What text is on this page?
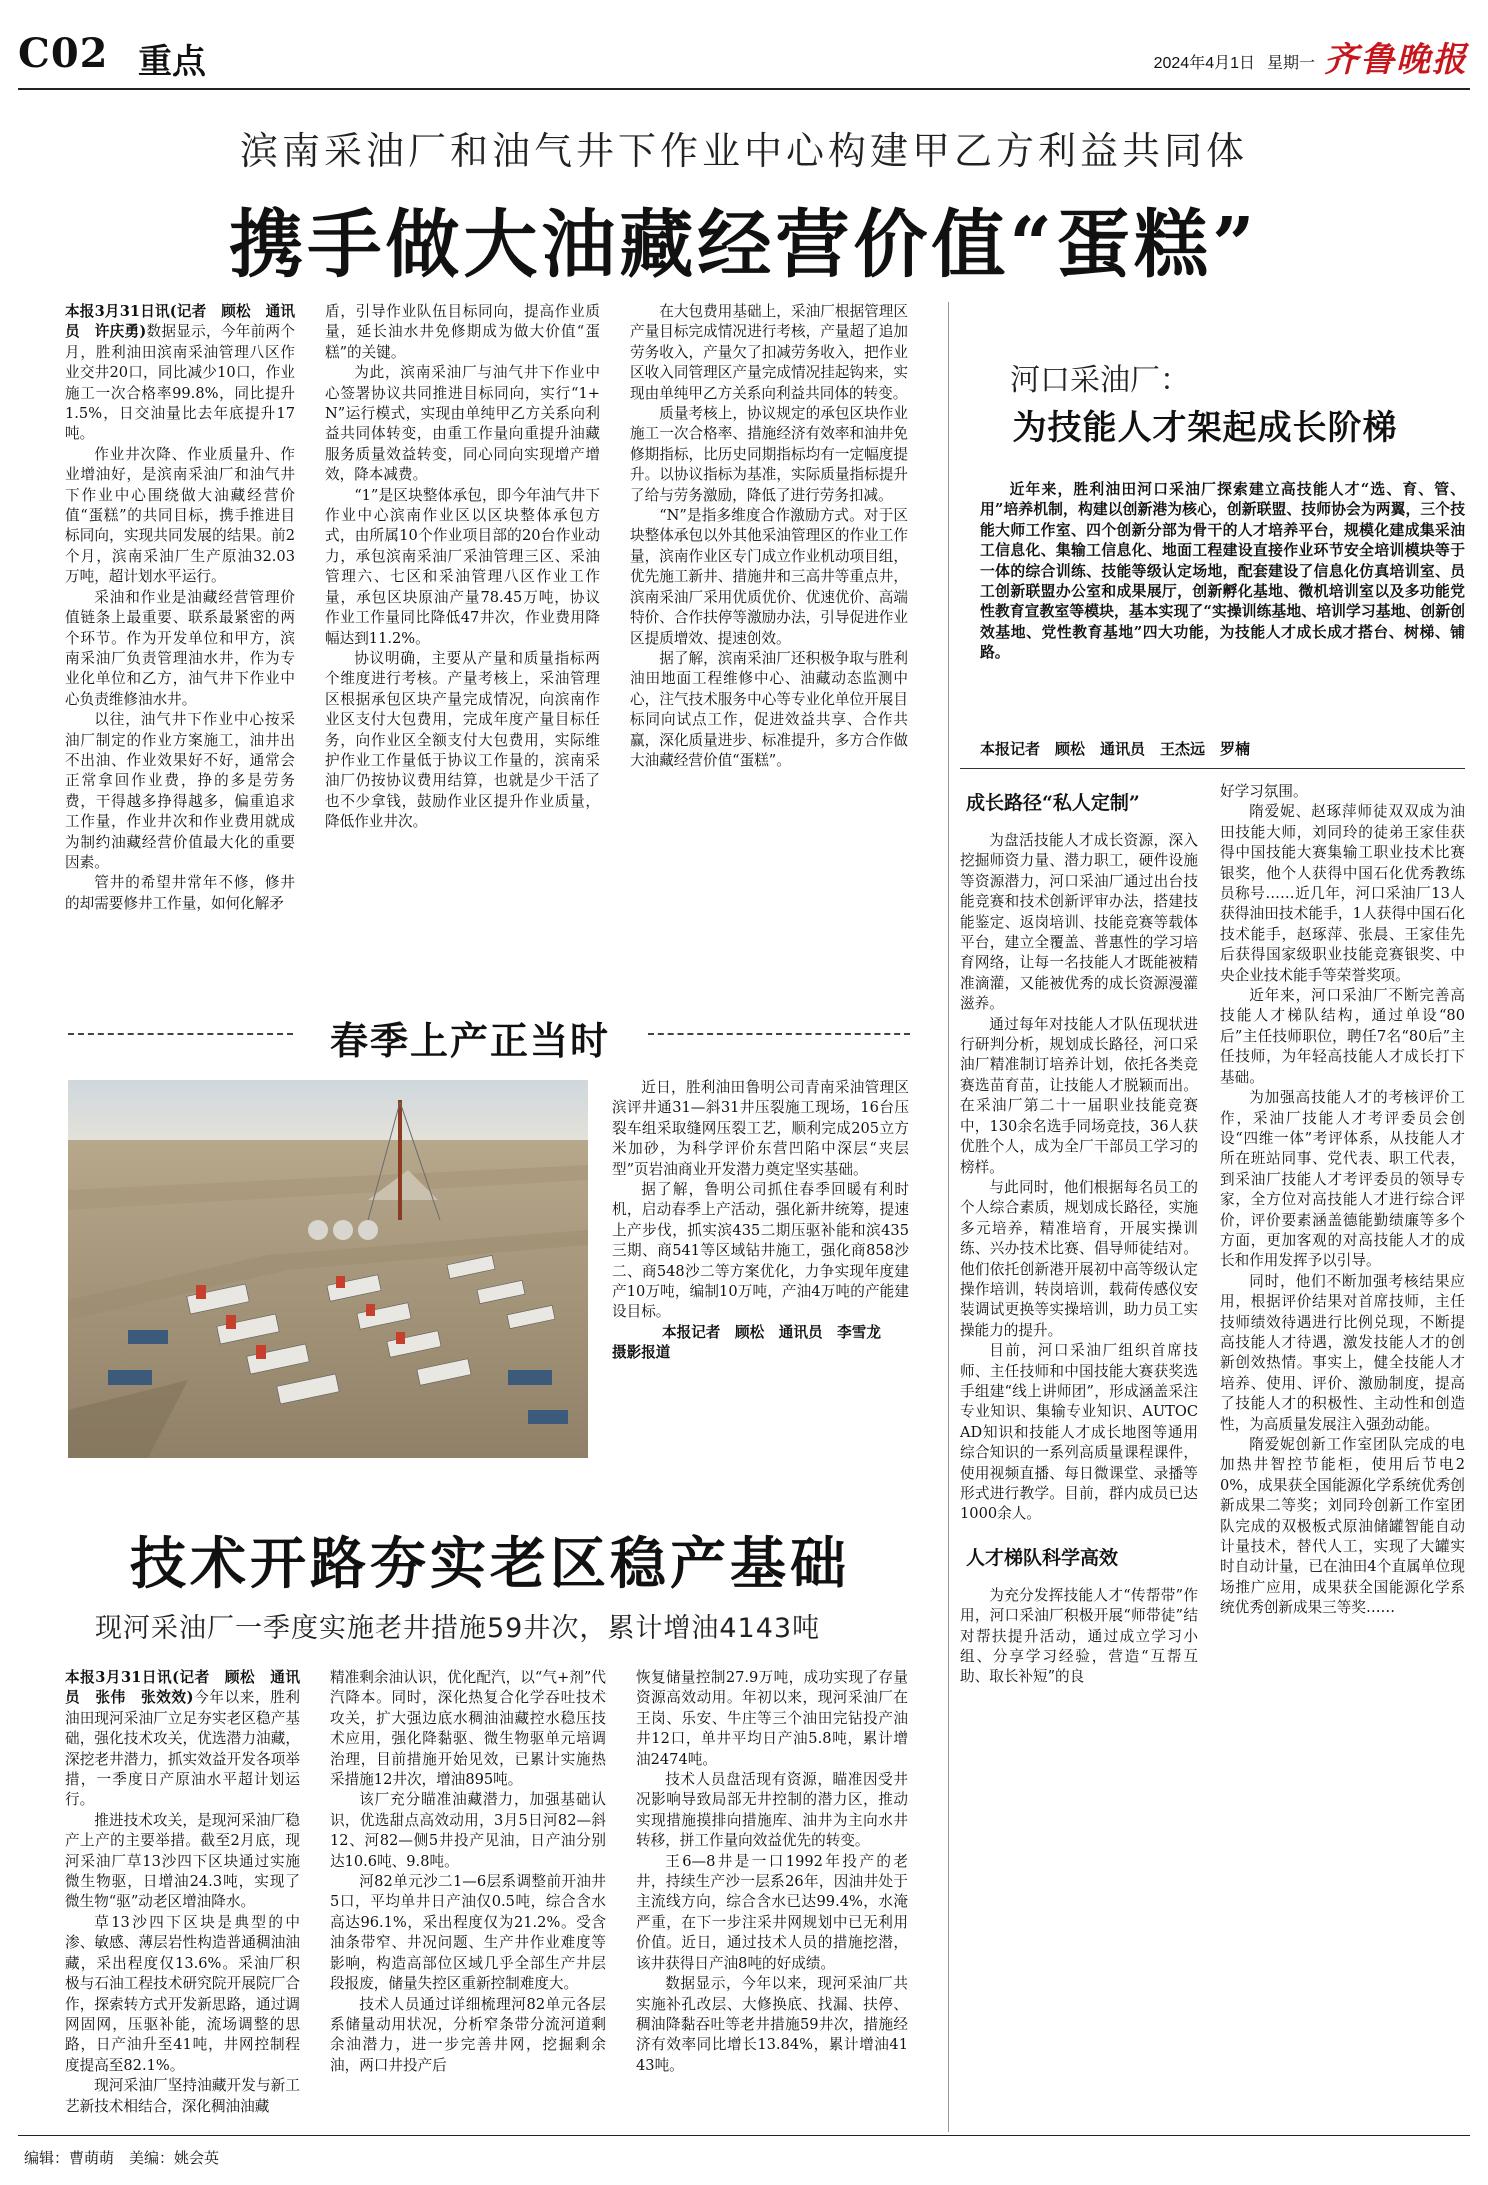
C02 重点	2024年4月1日 星期一 齐鲁晚报
滨南采油厂和油气井下作业中心构建甲乙方利益共同体
携手做大油藏经营价值“蛋糕”

本报3月31日讯(记者　顾松　通讯员　许庆勇)数据显示，今年前两个月，胜利油田滨南采油管理八区作业交井20口，同比减少10口，作业施工一次合格率99.8%，同比提升1.5%，日交油量比去年底提升17吨。

作业井次降、作业质量升、作业增油好，是滨南采油厂和油气井下作业中心围绕做大油藏经营价值“蛋糕”的共同目标，携手推进目标同向，实现共同发展的结果。前2个月，滨南采油厂生产原油32.03万吨，超计划水平运行。

采油和作业是油藏经营管理价值链条上最重要、联系最紧密的两个环节。作为开发单位和甲方，滨南采油厂负责管理油水井，作为专业化单位和乙方，油气井下作业中心负责维修油水井。

以往，油气井下作业中心按采油厂制定的作业方案施工，油井出不出油、作业效果好不好，通常会正常拿回作业费，挣的多是劳务费，干得越多挣得越多，偏重追求工作量，作业井次和作业费用就成为制约油藏经营价值最大化的重要因素。

管井的希望井常年不修，修井的却需要修井工作量，如何化解矛

盾，引导作业队伍目标同向，提高作业质量，延长油水井免修期成为做大价值“蛋糕”的关键。

为此，滨南采油厂与油气井下作业中心签署协议共同推进目标同向，实行“1+N”运行模式，实现由单纯甲乙方关系向利益共同体转变，由重工作量向重提升油藏服务质量效益转变，同心同向实现增产增效，降本减费。

“1”是区块整体承包，即今年油气井下作业中心滨南作业区以区块整体承包方式，由所属10个作业项目部的20台作业动力，承包滨南采油厂采油管理三区、采油管理六、七区和采油管理八区作业工作量，承包区块原油产量78.45万吨，协议作业工作量同比降低47井次，作业费用降幅达到11.2%。

协议明确，主要从产量和质量指标两个维度进行考核。产量考核上，采油管理区根据承包区块产量完成情况，向滨南作业区支付大包费用，完成年度产量目标任务，向作业区全额支付大包费用，实际维护作业工作量低于协议工作量的，滨南采油厂仍按协议费用结算，也就是少干活了也不少拿钱，鼓励作业区提升作业质量，降低作业井次。

在大包费用基础上，采油厂根据管理区产量目标完成情况进行考核，产量超了追加劳务收入，产量欠了扣减劳务收入，把作业区收入同管理区产量完成情况挂起钩来，实现由单纯甲乙方关系向利益共同体的转变。

质量考核上，协议规定的承包区块作业施工一次合格率、措施经济有效率和油井免修期指标，比历史同期指标均有一定幅度提升。以协议指标为基准，实际质量指标提升了给与劳务激励，降低了进行劳务扣减。

“N”是指多维度合作激励方式。对于区块整体承包以外其他采油管理区的作业工作量，滨南作业区专门成立作业机动项目组，优先施工新井、措施井和三高井等重点井，滨南采油厂采用优质优价、优速优价、高端特价、合作扶停等激励办法，引导促进作业区提质增效、提速创效。

据了解，滨南采油厂还积极争取与胜利油田地面工程维修中心、油藏动态监测中心，注气技术服务中心等专业化单位开展目标同向试点工作，促进效益共享、合作共赢，深化质量进步、标准提升，多方合作做大油藏经营价值“蛋糕”。

河口采油厂：
为技能人才架起成长阶梯

近年来，胜利油田河口采油厂探索建立高技能人才“选、育、管、用”培养机制，构建以创新港为核心，创新联盟、技师协会为两翼，三个技能大师工作室、四个创新分部为骨干的人才培养平台，规模化建成集采油工信息化、集输工信息化、地面工程建设直接作业环节安全培训模块等于一体的综合训练、技能等级认定场地，配套建设了信息化仿真培训室、员工创新联盟办公室和成果展厅，创新孵化基地、微机培训室以及多功能党性教育宣教室等模块，基本实现了“实操训练基地、培训学习基地、创新创效基地、党性教育基地”四大功能，为技能人才成长成才搭台、树梯、铺路。

本报记者　顾松　通讯员　王杰远　罗楠
成长路径“私人定制”

为盘活技能人才成长资源，深入挖掘师资力量、潜力职工，硬件设施等资源潜力，河口采油厂通过出台技能竞赛和技术创新评审办法，搭建技能鉴定、返岗培训、技能竞赛等载体平台，建立全覆盖、普惠性的学习培育网络，让每一名技能人才既能被精准滴灌，又能被优秀的成长资源漫灌滋养。

通过每年对技能人才队伍现状进行研判分析，规划成长路径，河口采油厂精准制订培养计划，依托各类竞赛选苗育苗，让技能人才脱颖而出。在采油厂第二十一届职业技能竞赛中，130余名选手同场竞技，36人获优胜个人，成为全厂干部员工学习的榜样。

与此同时，他们根据每名员工的个人综合素质，规划成长路径，实施多元培养，精准培育，开展实操训练、兴办技术比赛、倡导师徒结对。他们依托创新港开展初中高等级认定操作培训，转岗培训，载荷传感仪安装调试更换等实操培训，助力员工实操能力的提升。

目前，河口采油厂组织首席技师、主任技师和中国技能大赛获奖选手组建“线上讲师团”，形成涵盖采注专业知识、集输专业知识、AUTOCAD知识和技能人才成长地图等通用综合知识的一系列高质量课程课件，使用视频直播、每日微课堂、录播等形式进行教学。目前，群内成员已达1000余人。

人才梯队科学高效

为充分发挥技能人才“传帮带”作用，河口采油厂积极开展“师带徒”结对帮扶提升活动，通过成立学习小组、分享学习经验，营造“互帮互助、取长补短”的良

好学习氛围。

隋爱妮、赵琢萍师徒双双成为油田技能大师，刘同玲的徒弟王家佳获得中国技能大赛集输工职业技术比赛银奖，他个人获得中国石化优秀教练员称号……近几年，河口采油厂13人获得油田技术能手，1人获得中国石化技术能手，赵琢萍、张晨、王家佳先后获得国家级职业技能竞赛银奖、中央企业技术能手等荣誉奖项。

近年来，河口采油厂不断完善高技能人才梯队结构，通过单设“80后”主任技师职位，聘任7名“80后”主任技师，为年轻高技能人才成长打下基础。

为加强高技能人才的考核评价工作，采油厂技能人才考评委员会创设“四维一体”考评体系，从技能人才所在班站同事、党代表、职工代表，到采油厂技能人才考评委员的领导专家，全方位对高技能人才进行综合评价，评价要素涵盖德能勤绩廉等多个方面，更加客观的对高技能人才的成长和作用发挥予以引导。

同时，他们不断加强考核结果应用，根据评价结果对首席技师，主任技师绩效待遇进行比例兑现，不断提高技能人才待遇，激发技能人才的创新创效热情。事实上，健全技能人才培养、使用、评价、激励制度，提高了技能人才的积极性、主动性和创造性，为高质量发展注入强劲动能。

隋爱妮创新工作室团队完成的电加热井智控节能柜，使用后节电20%，成果获全国能源化学系统优秀创新成果二等奖；刘同玲创新工作室团队完成的双极板式原油储罐智能自动计量技术，替代人工，实现了大罐实时自动计量，已在油田4个直属单位现场推广应用，成果获全国能源化学系统优秀创新成果三等奖……

春季上产正当时

近日，胜利油田鲁明公司青南采油管理区滨评井通31—斜31井压裂施工现场，16台压裂车组采取缝网压裂工艺，顺利完成205立方米加砂，为科学评价东营凹陷中深层“夹层型”页岩油商业开发潜力奠定坚实基础。

据了解，鲁明公司抓住春季回暖有利时机，启动春季上产活动，强化新井统筹，提速上产步伐，抓实滨435二期压驱补能和滨435三期、商541等区域钻井施工，强化商858沙二、商548沙二等方案优化，力争实现年度建产10万吨，编制10万吨，产油4万吨的产能建设目标。

本报记者　顾松　通讯员　李雪龙

摄影报道

技术开路夯实老区稳产基础
现河采油厂一季度实施老井措施59井次，累计增油4143吨

本报3月31日讯(记者　顾松　通讯员　张伟　张效效)今年以来，胜利油田现河采油厂立足夯实老区稳产基础，强化技术攻关，优选潜力油藏，深挖老井潜力，抓实效益开发各项举措，一季度日产原油水平超计划运行。

推进技术攻关，是现河采油厂稳产上产的主要举措。截至2月底，现河采油厂草13沙四下区块通过实施微生物驱，日增油24.3吨，实现了微生物“驱”动老区增油降水。

草13沙四下区块是典型的中渗、敏感、薄层岩性构造普通稠油油藏，采出程度仅13.6%。采油厂积极与石油工程技术研究院开展院厂合作，探索转方式开发新思路，通过调网固网，压驱补能，流场调整的思路，日产油升至41吨，井网控制程度提高至82.1%。

现河采油厂坚持油藏开发与新工艺新技术相结合，深化稠油油藏

精准剩余油认识，优化配汽，以“气+剂”代汽降本。同时，深化热复合化学吞吐技术攻关，扩大强边底水稠油油藏控水稳压技术应用，强化降黏驱、微生物驱单元培调治理，目前措施开始见效，已累计实施热采措施12井次，增油895吨。

该厂充分瞄准油藏潜力，加强基础认识，优选甜点高效动用，3月5日河82—斜12、河82—侧5井投产见油，日产油分别达10.6吨、9.8吨。

河82单元沙二1—6层系调整前开油井5口，平均单井日产油仅0.5吨，综合含水高达96.1%，采出程度仅为21.2%。受含油条带窄、井况问题、生产井作业难度等影响，构造高部位区域几乎全部生产井层段报废，储量失控区重新控制难度大。

技术人员通过详细梳理河82单元各层系储量动用状况，分析窄条带分流河道剩余油潜力，进一步完善井网，挖掘剩余油，两口井投产后

恢复储量控制27.9万吨，成功实现了存量资源高效动用。年初以来，现河采油厂在王岗、乐安、牛庄等三个油田完钻投产油井12口，单井平均日产油5.8吨，累计增油2474吨。

技术人员盘活现有资源，瞄准因受井况影响导致局部无井控制的潜力区，推动实现措施摸排向措施库、油井为主向水井转移，拼工作量向效益优先的转变。

王6—8井是一口1992年投产的老井，持续生产沙一层系26年，因油井处于主流线方向，综合含水已达99.4%，水淹严重，在下一步注采井网规划中已无利用价值。近日，通过技术人员的措施挖潜，该井获得日产油8吨的好成绩。

数据显示，今年以来，现河采油厂共实施补孔改层、大修换底、找漏、扶停、稠油降黏吞吐等老井措施59井次，措施经济有效率同比增长13.84%，累计增油4143吨。

编辑：曹萌萌　美编：姚会英
